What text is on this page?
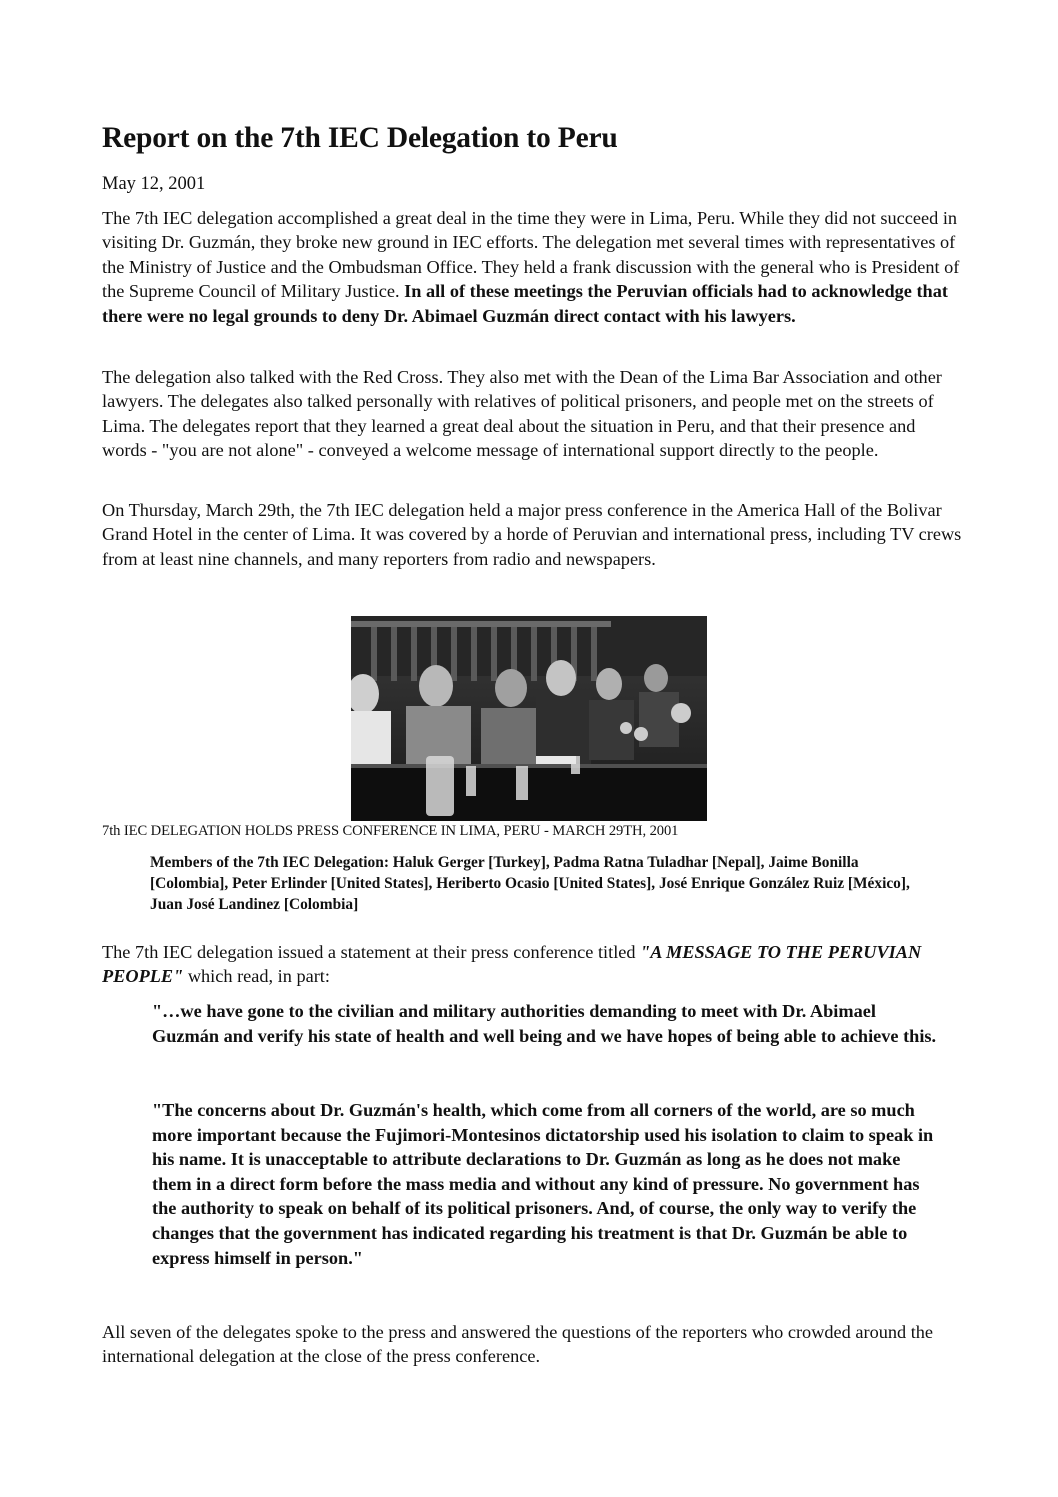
Report on the 7th IEC Delegation to Peru
May 12, 2001

The 7th IEC delegation accomplished a great deal in the time they were in Lima, Peru. While they did not succeed in visiting Dr. Guzmán, they broke new ground in IEC efforts. The delegation met several times with representatives of the Ministry of Justice and the Ombudsman Office. They held a frank discussion with the general who is President of the Supreme Council of Military Justice. In all of these meetings the Peruvian officials had to acknowledge that there were no legal grounds to deny Dr. Abimael Guzmán direct contact with his lawyers.

The delegation also talked with the Red Cross. They also met with the Dean of the Lima Bar Association and other lawyers. The delegates also talked personally with relatives of political prisoners, and people met on the streets of Lima. The delegates report that they learned a great deal about the situation in Peru, and that their presence and words - "you are not alone" - conveyed a welcome message of international support directly to the people.

On Thursday, March 29th, the 7th IEC delegation held a major press conference in the America Hall of the Bolivar Grand Hotel in the center of Lima. It was covered by a horde of Peruvian and international press, including TV crews from at least nine channels, and many reporters from radio and newspapers.

7th IEC DELEGATION HOLDS PRESS CONFERENCE IN LIMA, PERU - MARCH 29TH, 2001
Members of the 7th IEC Delegation: Haluk Gerger [Turkey], Padma Ratna Tuladhar [Nepal], Jaime Bonilla [Colombia], Peter Erlinder [United States], Heriberto Ocasio [United States], José Enrique González Ruiz [México], Juan José Landinez [Colombia]

The 7th IEC delegation issued a statement at their press conference titled "A MESSAGE TO THE PERUVIAN PEOPLE" which read, in part:

"…we have gone to the civilian and military authorities demanding to meet with Dr. Abimael Guzmán and verify his state of health and well being and we have hopes of being able to achieve this.

"The concerns about Dr. Guzmán's health, which come from all corners of the world, are so much more important because the Fujimori-Montesinos dictatorship used his isolation to claim to speak in his name. It is unacceptable to attribute declarations to Dr. Guzmán as long as he does not make them in a direct form before the mass media and without any kind of pressure. No government has the authority to speak on behalf of its political prisoners. And, of course, the only way to verify the changes that the government has indicated regarding his treatment is that Dr. Guzmán be able to express himself in person."

All seven of the delegates spoke to the press and answered the questions of the reporters who crowded around the international delegation at the close of the press conference.
